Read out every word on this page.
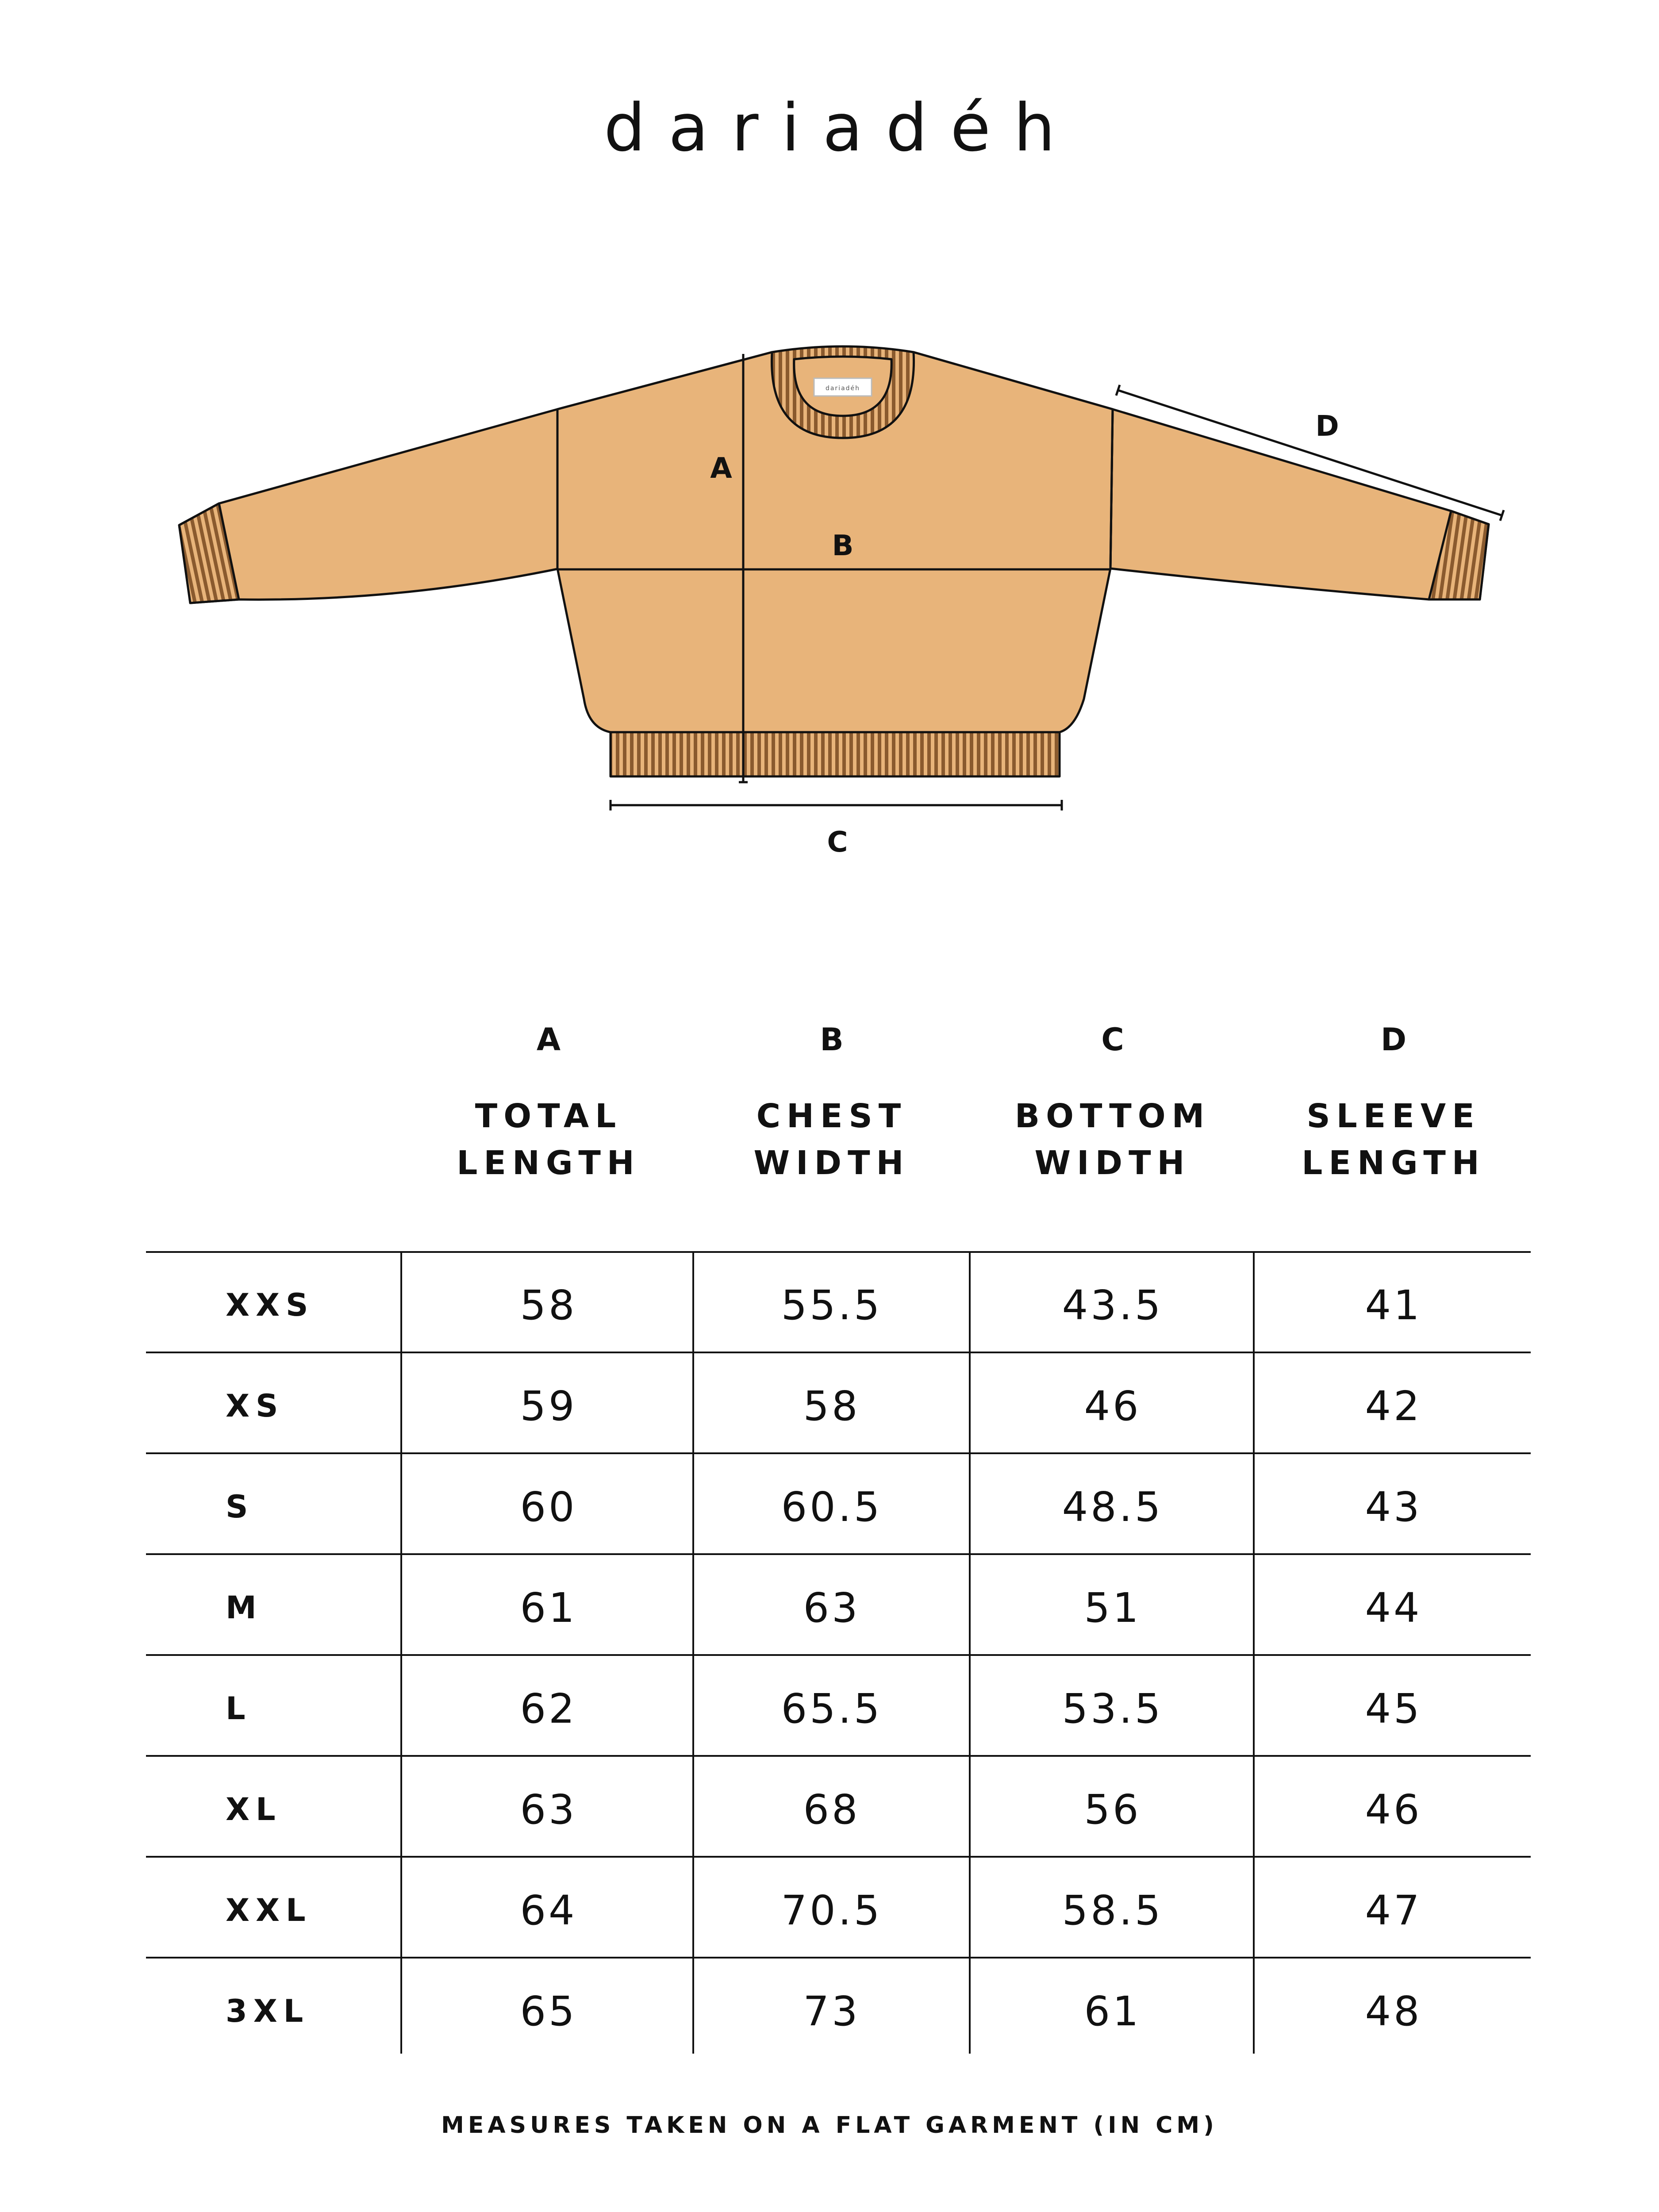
dariadéh
dariadéh
A
B
C
D
A
TOTAL
LENGTH
B
CHEST
WIDTH
C
BOTTOM
WIDTH
D
SLEEVE
LENGTH
XXS	58	55.5	43.5	41
XS	59	58	46	42
S	60	60.5	48.5	43
M	61	63	51	44
L	62	65.5	53.5	45
XL	63	68	56	46
XXL	64	70.5	58.5	47
3XL	65	73	61	48
MEASURES TAKEN ON A FLAT GARMENT (IN CM)
